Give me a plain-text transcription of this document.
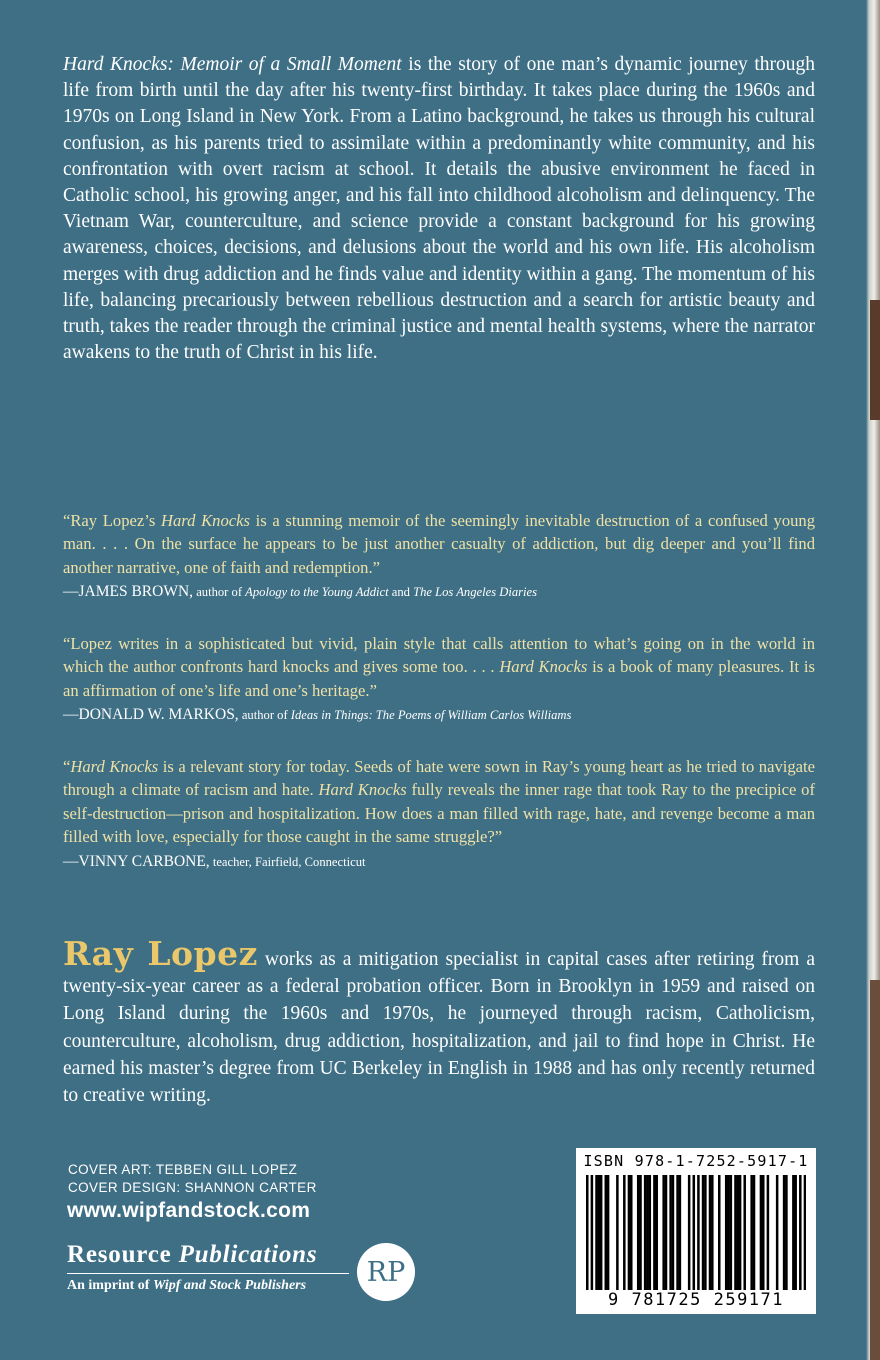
Hard Knocks: Memoir of a Small Moment is the story of one man’s dynamic journey through life from birth until the day after his twenty-first birthday. It takes place during the 1960s and 1970s on Long Island in New York. From a Latino background, he takes us through his cultural confusion, as his parents tried to assimilate within a predominantly white community, and his confrontation with overt racism at school. It details the abusive environment he faced in Catholic school, his growing anger, and his fall into childhood alcoholism and delinquency. The Vietnam War, counterculture, and science provide a constant background for his growing awareness, choices, decisions, and delusions about the world and his own life. His alcoholism merges with drug addiction and he finds value and identity within a gang. The momentum of his life, balancing precariously between rebellious destruction and a search for artistic beauty and truth, takes the reader through the criminal justice and mental health systems, where the narrator awakens to the truth of Christ in his life.
“Ray Lopez’s Hard Knocks is a stunning memoir of the seemingly inevitable destruction of a confused young man. . . . On the surface he appears to be just another casualty of addiction, but dig deeper and you’ll find another narrative, one of faith and redemption.”
—JAMES BROWN, author of Apology to the Young Addict and The Los Angeles Diaries
“Lopez writes in a sophisticated but vivid, plain style that calls attention to what’s going on in the world in which the author confronts hard knocks and gives some too. . . . Hard Knocks is a book of many pleasures. It is an affirmation of one’s life and one’s heritage.”
—DONALD W. MARKOS, author of Ideas in Things: The Poems of William Carlos Williams
“Hard Knocks is a relevant story for today. Seeds of hate were sown in Ray’s young heart as he tried to navigate through a climate of racism and hate. Hard Knocks fully reveals the inner rage that took Ray to the precipice of self-destruction—prison and hospitalization. How does a man filled with rage, hate, and revenge become a man filled with love, especially for those caught in the same struggle?”
—VINNY CARBONE, teacher, Fairfield, Connecticut
Ray Lopez works as a mitigation specialist in capital cases after retiring from a twenty-six-year career as a federal probation officer. Born in Brooklyn in 1959 and raised on Long Island during the 1960s and 1970s, he journeyed through racism, Catholicism, counterculture, alcoholism, drug addiction, hospitalization, and jail to find hope in Christ. He earned his master’s degree from UC Berkeley in English in 1988 and has only recently returned to creative writing.
COVER ART: TEBBEN GILL LOPEZ
COVER DESIGN: SHANNON CARTER
www.wipfandstock.com
Resource Publications
An imprint of Wipf and Stock Publishers	RP
ISBN 978-1-7252-5917-1
9 781725 259171
